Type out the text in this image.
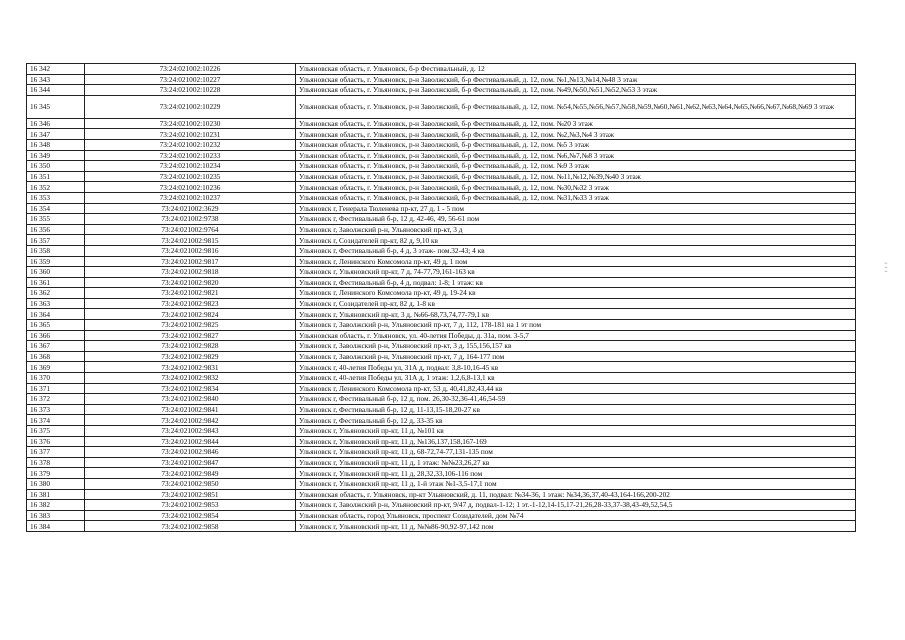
16 342	73:24:021002:10226	Ульяновская область, г. Ульяновск, б-р Фестивальный, д. 12
16 343	73:24:021002:10227	Ульяновская область, г. Ульяновск, р-н Заволжский, б-р Фестивальный, д. 12, пом. №1,№13,№14,№48 3 этаж
16 344	73:24:021002:10228	Ульяновская область, г. Ульяновск, р-н Заволжский, б-р Фестивальный, д. 12, пом. №49,№50,№51,№52,№53 3 этаж
16 345	73:24:021002:10229	Ульяновская область, г. Ульяновск, р-н Заволжский, б-р Фестивальный, д. 12, пом. №54,№55,№56,№57,№58,№59,№60,№61,№62,№63,№64,№65,№66,№67,№68,№69 3 этаж
16 346	73:24:021002:10230	Ульяновская область, г. Ульяновск, р-н Заволжский, б-р Фестивальный, д. 12, пом. №20 3 этаж
16 347	73:24:021002:10231	Ульяновская область, г. Ульяновск, р-н Заволжский, б-р Фестивальный, д. 12, пом. №2,№3,№4 3 этаж
16 348	73:24:021002:10232	Ульяновская область, г. Ульяновск, р-н Заволжский, б-р Фестивальный, д. 12, пом. №5 3 этаж
16 349	73:24:021002:10233	Ульяновская область, г. Ульяновск, р-н Заволжский, б-р Фестивальный, д. 12, пом. №6,№7,№8 3 этаж
16 350	73:24:021002:10234	Ульяновская область, г. Ульяновск, р-н Заволжский, б-р Фестивальный, д. 12, пом. №9 3 этаж
16 351	73:24:021002:10235	Ульяновская область, г. Ульяновск, р-н Заволжский, б-р Фестивальный, д. 12, пом. №11,№12,№39,№40 3 этаж
16 352	73:24:021002:10236	Ульяновская область, г. Ульяновск, р-н Заволжский, б-р Фестивальный, д. 12, пом. №30,№32 3 этаж
16 353	73:24:021002:10237	Ульяновская область, г. Ульяновск, р-н Заволжский, б-р Фестивальный, д. 12, пом. №31,№33 3 этаж
16 354	73:24:021002:3629	Ульяновск г, Генерала Тюленева пр-кт, 27 д, 1 - 5 пом
16 355	73:24:021002:9738	Ульяновск г, Фестивальный б-р, 12 д, 42-46, 49, 56-61 пом
16 356	73:24:021002:9764	Ульяновск г, Заволжский р-н, Ульяновский пр-кт, 3 д
16 357	73:24:021002:9815	Ульяновск г, Созидателей пр-кт, 82 д, 9,10 кв
16 358	73:24:021002:9816	Ульяновск г, Фестивальный б-р, 4 д, 3 этаж- пом.32-43; 4 кв
16 359	73:24:021002:9817	Ульяновск г, Ленинского Комсомола пр-кт, 49 д, 1 пом
16 360	73:24:021002:9818	Ульяновск г, Ульяновский пр-кт, 7 д, 74-77,79,161-163 кв
16 361	73:24:021002:9820	Ульяновск г, Фестивальный б-р, 4 д, подвал: 1-8; 1 этаж: кв
16 362	73:24:021002:9821	Ульяновск г, Ленинского Комсомола пр-кт, 49 д, 19-24 кв
16 363	73:24:021002:9823	Ульяновск г, Созидателей пр-кт, 82 д, 1-8 кв
16 364	73:24:021002:9824	Ульяновск г, Ульяновский пр-кт, 3 д, №66-68,73,74,77-79,1 кв
16 365	73:24:021002:9825	Ульяновск г, Заволжский р-н, Ульяновский пр-кт, 7 д, 112, 178-181 на 1 эт пом
16 366	73:24:021002:9827	Ульяновская область, г. Ульяновск, ул. 40-летия Победы, д. 31а, пом. 3-5,7
16 367	73:24:021002:9828	Ульяновск г, Заволжский р-н, Ульяновский пр-кт, 3 д, 155,156,157 кв
16 368	73:24:021002:9829	Ульяновск г, Заволжский р-н, Ульяновский пр-кт, 7 д, 164-177 пом
16 369	73:24:021002:9831	Ульяновск г, 40-летия Победы ул, 31А д, подвал: 3,8-10,16-45 кв
16 370	73:24:021002:9832	Ульяновск г, 40-летия Победы ул, 31А д, 1 этаж: 1,2,6,8-13,1 кв
16 371	73:24:021002:9834	Ульяновск г, Ленинского Комсомола пр-кт, 53 д, 40,41,82,43,44 кв
16 372	73:24:021002:9840	Ульяновск г, Фестивальный б-р, 12 д, пом. 26,30-32,36-41,46,54-59
16 373	73:24:021002:9841	Ульяновск г, Фестивальный б-р, 12 д, 11-13,15-18,20-27 кв
16 374	73:24:021002:9842	Ульяновск г, Фестивальный б-р, 12 д, 33-35 кв
16 375	73:24:021002:9843	Ульяновск г, Ульяновский пр-кт, 11 д, №101 кв
16 376	73:24:021002:9844	Ульяновск г, Ульяновский пр-кт, 11 д, №136,137,158,167-169
16 377	73:24:021002:9846	Ульяновск г, Ульяновский пр-кт, 11 д, 68-72,74-77,131-135 пом
16 378	73:24:021002:9847	Ульяновск г, Ульяновский пр-кт, 11 д, 1 этаж: №№23,26,27 кв
16 379	73:24:021002:9849	Ульяновск г, Ульяновский пр-кт, 11 д, 28,32,33,106-116 пом
16 380	73:24:021002:9850	Ульяновск г, Ульяновский пр-кт, 11 д, 1-й этаж №1-3,5-17,1 пом
16 381	73:24:021002:9851	Ульяновская область, г. Ульяновск, пр-кт Ульяновский, д. 11, подвал: №34-36, 1 этаж: №34,36,37,40-43,164-166,200-202
16 382	73:24:021002:9853	Ульяновск г, Заволжский р-н, Ульяновский пр-кт, 9/47 д, подвал-1-12; 1 эт.-1-12,14-15,17-21,26,28-33,37-38,43-49,52,54,5
16 383	73:24:021002:9854	Ульяновская область, город Ульяновск, проспект Созидателей, дом №74
16 384	73:24:021002:9858	Ульяновск г, Ульяновский пр-кт, 11 д, №№86-90,92-97,142 пом
‹ ‹ ‹
